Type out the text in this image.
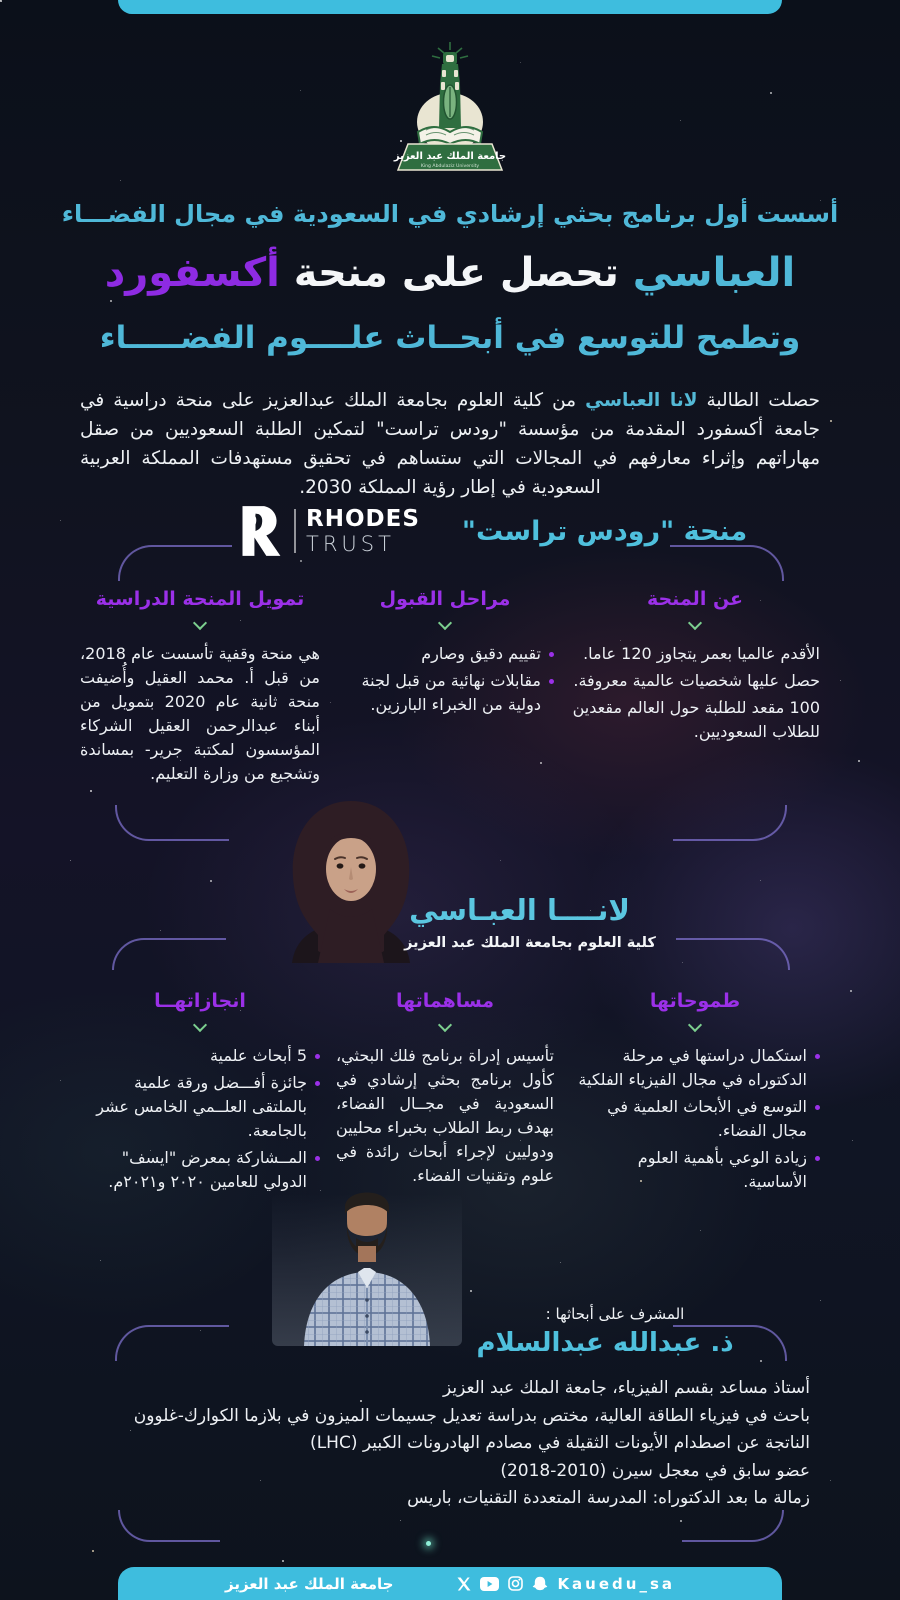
جامعة الملك عبد العزيز
King Abdulaziz University
أسست أول برنامج بحثي إرشادي في السعودية في مجال الفضـــاء
العباسي تحصل على منحة أكسفورد
وتطمح للتوسع في أبحــاث علــــوم الفضـــــاء
حصلت الطالبة لانا العباسي من كلية العلوم بجامعة الملك عبدالعزيز على منحة دراسية في جامعة أكسفورد المقدمة من مؤسسة "رودس تراست" لتمكين الطلبة السعوديين من صقل مهاراتهم وإثراء معارفهم في المجالات التي ستساهم في تحقيق مستهدفات المملكة العربية السعودية في إطار رؤية المملكة 2030.
RHODES
TRUST	منحة "رودس تراست"
عن المنحة
الأقدم عالميا بعمر يتجاوز 120 عاما.
حصل عليها شخصيات عالمية معروفة.
100 مقعد للطلبة حول العالم مقعدين للطلاب السعوديين.
مراحل القبول
تقييم دقيق وصارم
مقابلات نهائية من قبل لجنة دولية من الخبراء البارزين.
تمويل المنحة الدراسية
هي منحة وقفية تأسست عام 2018، من قبل أ. محمد العقيل وأُضيفت منحة ثانية عام 2020 بتمويل من أبناء عبدالرحمن العقيل الشركاء المؤسسون لمكتبة جرير- بمساندة وتشجيع من وزارة التعليم.
لانــــا العبـاسي
كلية العلوم بجامعة الملك عبد العزيز
طموحاتها
استكمال دراستها في مرحلة الدكتوراه في مجال الفيزياء الفلكية
التوسع في الأبحاث العلمية في مجال الفضاء.
زيادة الوعي بأهمية العلوم الأساسية.
مساهماتها
تأسيس إدراة برنامج فلك البحثي، كأول برنامج بحثي إرشادي في السعودية في مجــال الفضاء، بهدف ربط الطلاب بخبراء محليين ودوليين لإجراء أبحاث رائدة في علوم وتقنيات الفضاء.
انجازاتهــا
5 أبحاث علمية
جائزة أفـــضل ورقة علمية بالملتقى العلــمي الخامس عشر بالجامعة.
المــشاركة بمعرض "ايسف" الدولي للعامين ٢٠٢٠ و٢٠٢١م.
المشرف على أبحاثها :
ذ. عبدالله عبدالسلام
أستاذ مساعد بقسم الفيزياء، جامعة الملك عبد العزيز
باحث في فيزياء الطاقة العالية، مختص بدراسة تعديل جسيمات الميزون في بلازما الكوارك-غلوون
الناتجة عن اصطدام الأيونات الثقيلة في مصادم الهادرونات الكبير (LHC)
عضو سابق في معجل سيرن (2010-2018)
زمالة ما بعد الدكتوراه: المدرسة المتعددة التقنيات، باريس
جامعة الملك عبد العزيز	Kauedu_sa
